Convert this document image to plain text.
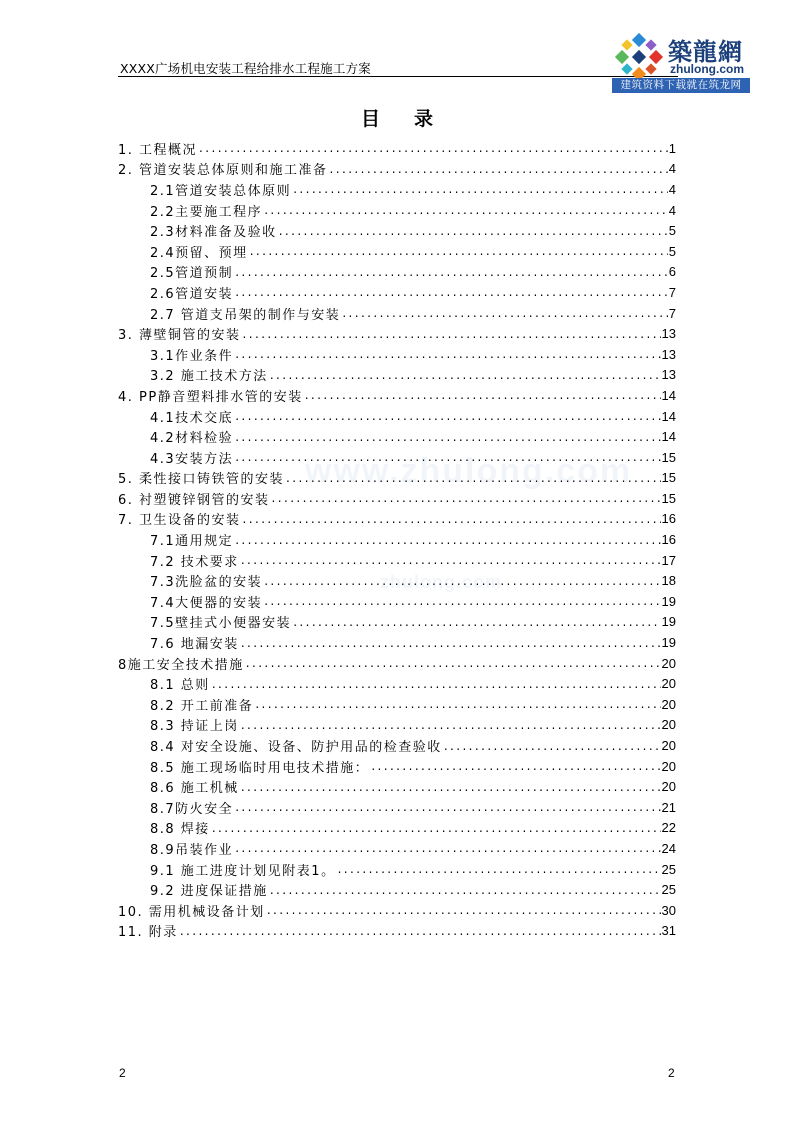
XXXX广场机电安装工程给排水工程施工方案
築龍網
zhulong.com
建筑资料下载就在筑龙网
目 录
1. 工程概况 .....	1
2. 管道安装总体原则和施工准备 .....	4
2.1管道安装总体原则 .....	4
2.2主要施工程序 .....	4
2.3材料准备及验收 .....	5
2.4预留、预埋 .....	5
2.5管道预制 .....	6
2.6管道安装 .....	7
2.7 管道支吊架的制作与安装 .....	7
3. 薄壁铜管的安装 .....	13
3.1作业条件 .....	13
3.2 施工技术方法 .....	13
4. PP静音塑料排水管的安装 .....	14
4.1技术交底 .....	14
4.2材料检验 .....	14
4.3安装方法 .....	15
5. 柔性接口铸铁管的安装 .....	15
6. 衬塑镀锌钢管的安装 .....	15
7. 卫生设备的安装 .....	16
7.1通用规定 .....	16
7.2 技术要求 .....	17
7.3洗脸盆的安装 .....	18
7.4大便器的安装 .....	19
7.5壁挂式小便器安装 .....	19
7.6 地漏安装 .....	19
8施工安全技术措施 .....	20
8.1 总则 .....	20
8.2 开工前准备 .....	20
8.3 持证上岗 .....	20
8.4 对安全设施、设备、防护用品的检查验收 .....	20
8.5 施工现场临时用电技术措施： .....	20
8.6 施工机械 .....	20
8.7防火安全 .....	21
8.8 焊接 .....	22
8.9吊装作业 .....	24
9.1 施工进度计划见附表1。 .....	25
9.2 进度保证措施 .....	25
10. 需用机械设备计划 .....	30
11. 附录 .....	31
www.zhulong.com
zhulong.com
2	2
